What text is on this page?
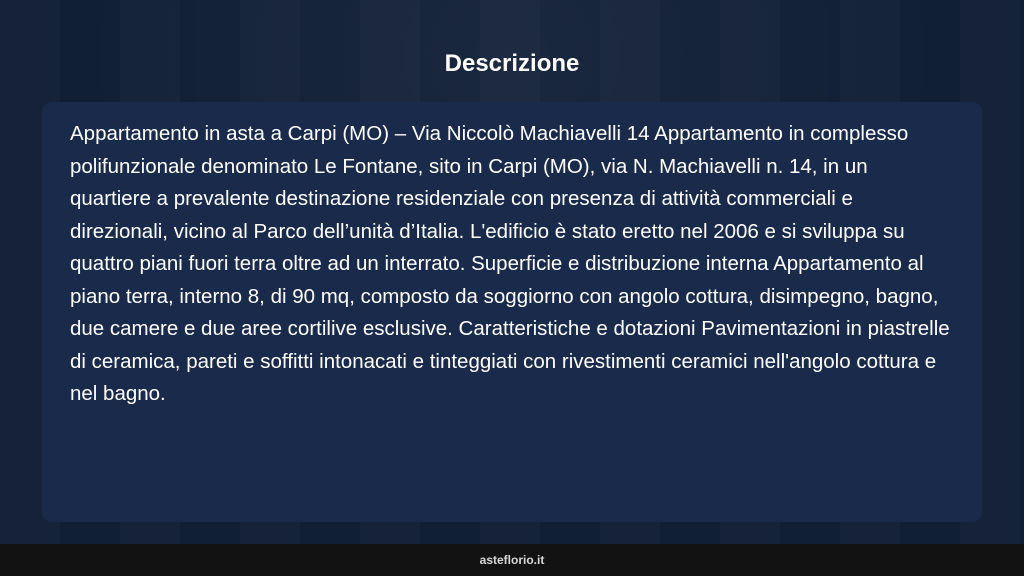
Descrizione

Appartamento in asta a Carpi (MO) – Via Niccolò Machiavelli 14 Appartamento in complesso polifunzionale denominato Le Fontane, sito in Carpi (MO), via N. Machiavelli n. 14, in un quartiere a prevalente destinazione residenziale con presenza di attività commerciali e direzionali, vicino al Parco dell’unità d’Italia. L'edificio è stato eretto nel 2006 e si sviluppa su quattro piani fuori terra oltre ad un interrato. Superficie e distribuzione interna Appartamento al piano terra, interno 8, di 90 mq, composto da soggiorno con angolo cottura, disimpegno, bagno, due camere e due aree cortilive esclusive. Caratteristiche e dotazioni Pavimentazioni in piastrelle di ceramica, pareti e soffitti intonacati e tinteggiati con rivestimenti ceramici nell'angolo cottura e nel bagno.

asteflorio.it
